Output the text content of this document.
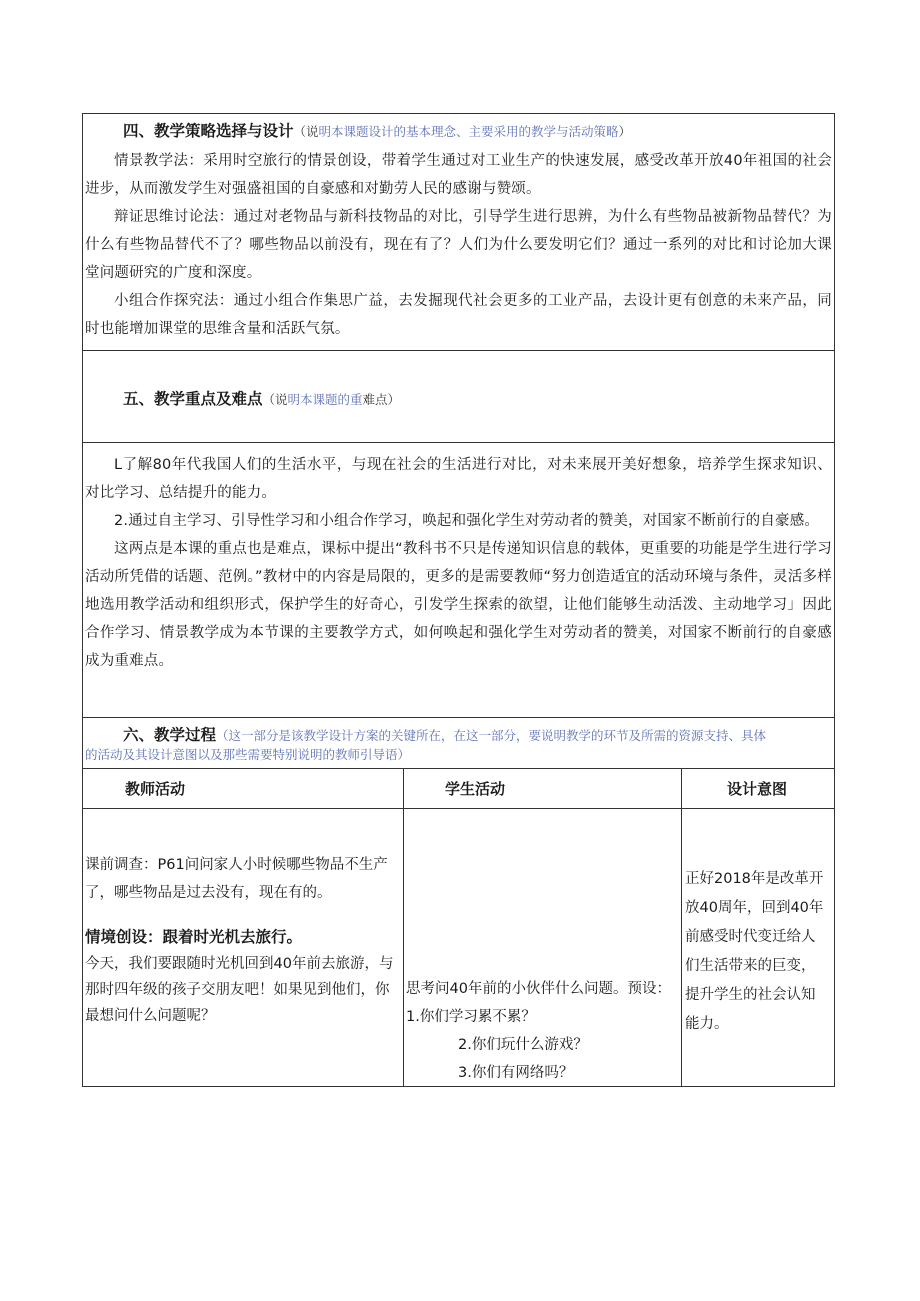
四、教学策略选择与设计（说明本课题设计的基本理念、主要采用的教学与活动策略）

情景教学法：采用时空旅行的情景创设，带着学生通过对工业生产的快速发展，感受改革开放40年祖国的社会进步，从而激发学生对强盛祖国的自豪感和对勤劳人民的感谢与赞颂。

辩证思维讨论法：通过对老物品与新科技物品的对比，引导学生进行思辨，为什么有些物品被新物品替代？为什么有些物品替代不了？哪些物品以前没有，现在有了？人们为什么要发明它们？通过一系列的对比和讨论加大课堂问题研究的广度和深度。

小组合作探究法：通过小组合作集思广益，去发掘现代社会更多的工业产品，去设计更有创意的未来产品，同时也能增加课堂的思维含量和活跃气氛。

五、教学重点及难点（说明本课题的重难点）

L了解80年代我国人们的生活水平，与现在社会的生活进行对比，对未来展开美好想象，培养学生探求知识、对比学习、总结提升的能力。

2.通过自主学习、引导性学习和小组合作学习，唤起和强化学生对劳动者的赞美，对国家不断前行的自豪感。

这两点是本课的重点也是难点，课标中提出“教科书不只是传递知识信息的载体，更重要的功能是学生进行学习活动所凭借的话题、范例。”教材中的内容是局限的，更多的是需要教师“努力创造适宜的活动环境与条件，灵活多样地选用教学活动和组织形式，保护学生的好奇心，引发学生探索的欲望，让他们能够生动活泼、主动地学习」因此合作学习、情景教学成为本节课的主要教学方式，如何唤起和强化学生对劳动者的赞美，对国家不断前行的自豪感成为重难点。

六、教学过程（这一部分是该教学设计方案的关键所在，在这一部分，要说明教学的环节及所需的资源支持、具体
的活动及其设计意图以及那些需要特别说明的教师引导语）
教师活动	学生活动	设计意图

课前调查：P61问问家人小时候哪些物品不生产了，哪些物品是过去没有，现在有的。

情境创设：跟着时光机去旅行。

今天，我们要跟随时光机回到40年前去旅游，与那时四年级的孩子交朋友吧！如果见到他们，你最想问什么问题呢？

思考问40年前的小伙伴什么问题。预设：1.你们学习累不累？

2.你们玩什么游戏？

3.你们有网络吗？

正好2018年是改革开放40周年，回到40年前感受时代变迁给人们生活带来的巨变，提升学生的社会认知能力。
